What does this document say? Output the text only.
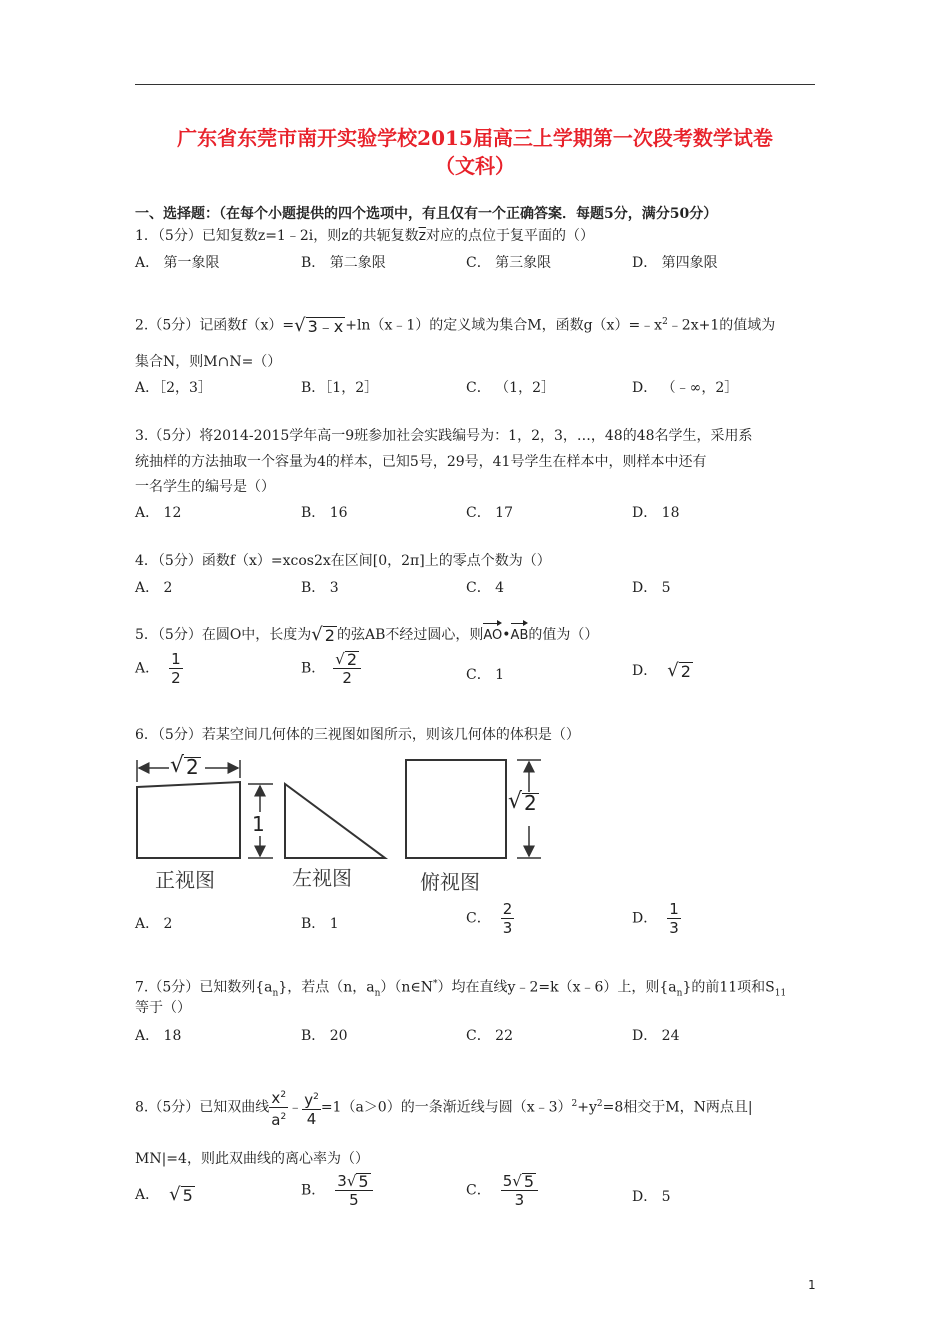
广东省东莞市南开实验学校2015届高三上学期第一次段考数学试卷
（文科）
一、选择题：（在每个小题提供的四个选项中，有且仅有一个正确答案．每题5分，满分50分）
1．（5分）已知复数z=1﹣2i，则z的共轭复数$\overline{z}$对应的点位于复平面的（）
A． 第一象限	B． 第二象限	C． 第三象限	D． 第四象限
2.（5分）记函数f（x）= √ 3﹣x +ln（x﹣1）的定义域为集合M，函数$g(x)=﹣x^2﹣2x+1$的值域为
集合N，则M∩N=（）
A．［2，3］	B．［1，2］	C． （1，2］	D． （﹣∞，2］
3.（5分）将2014-2015学年高一9班参加社会实践编号为：1，2，3，…，48的48名学生，采用系
统抽样的方法抽取一个容量为4的样本，已知5号，29号，41号学生在样本中，则样本中还有
一名学生的编号是（）
A． 12	B． 16	C． 17	D． 18
4．（5分）函数f（x）=xcos2x在区间[0，2π]上的零点个数为（）
A． 2	B． 3	C． 4	D． 5
5．（5分）在圆O中，长度为 √ 2 的弦AB不经过圆心，则AO•AB的值为（）
A． $\frac{1}{2}$	B． $\frac{√ 2}{2}$	C． 1	D． √ 2
6．（5分）若某空间几何体的三视图如图所示，则该几何体的体积是（）
√ 2
1
√ 2
正视图	左视图	俯视图
A． 2	B． 1	C． $\frac{2}{3}$	D． $\frac{1}{3}$
7.（5分）已知数列$\{a_n\}$，若点（n，$a_n)(n\in N^*)$均在直线y﹣2=k（x﹣6）上，则$\{a_n\}$的前11项和$S_{11}$
等于（）
A． 18	B． 20	C． 22	D． 24
8.（5分）已知双曲线 $\frac{x^2}{a^2}$ ﹣ $\frac{y^2}{4} =1(a>0)$的一条渐近线与圆$(x﹣3)^2+y^2=8$相交于M，N两点且|
MN|=4，则此双曲线的离心率为（）
A． √ 5	B． $\frac{3 √ 5}{5}$	C． $\frac{5 √ 5}{3}$	D． 5
1
